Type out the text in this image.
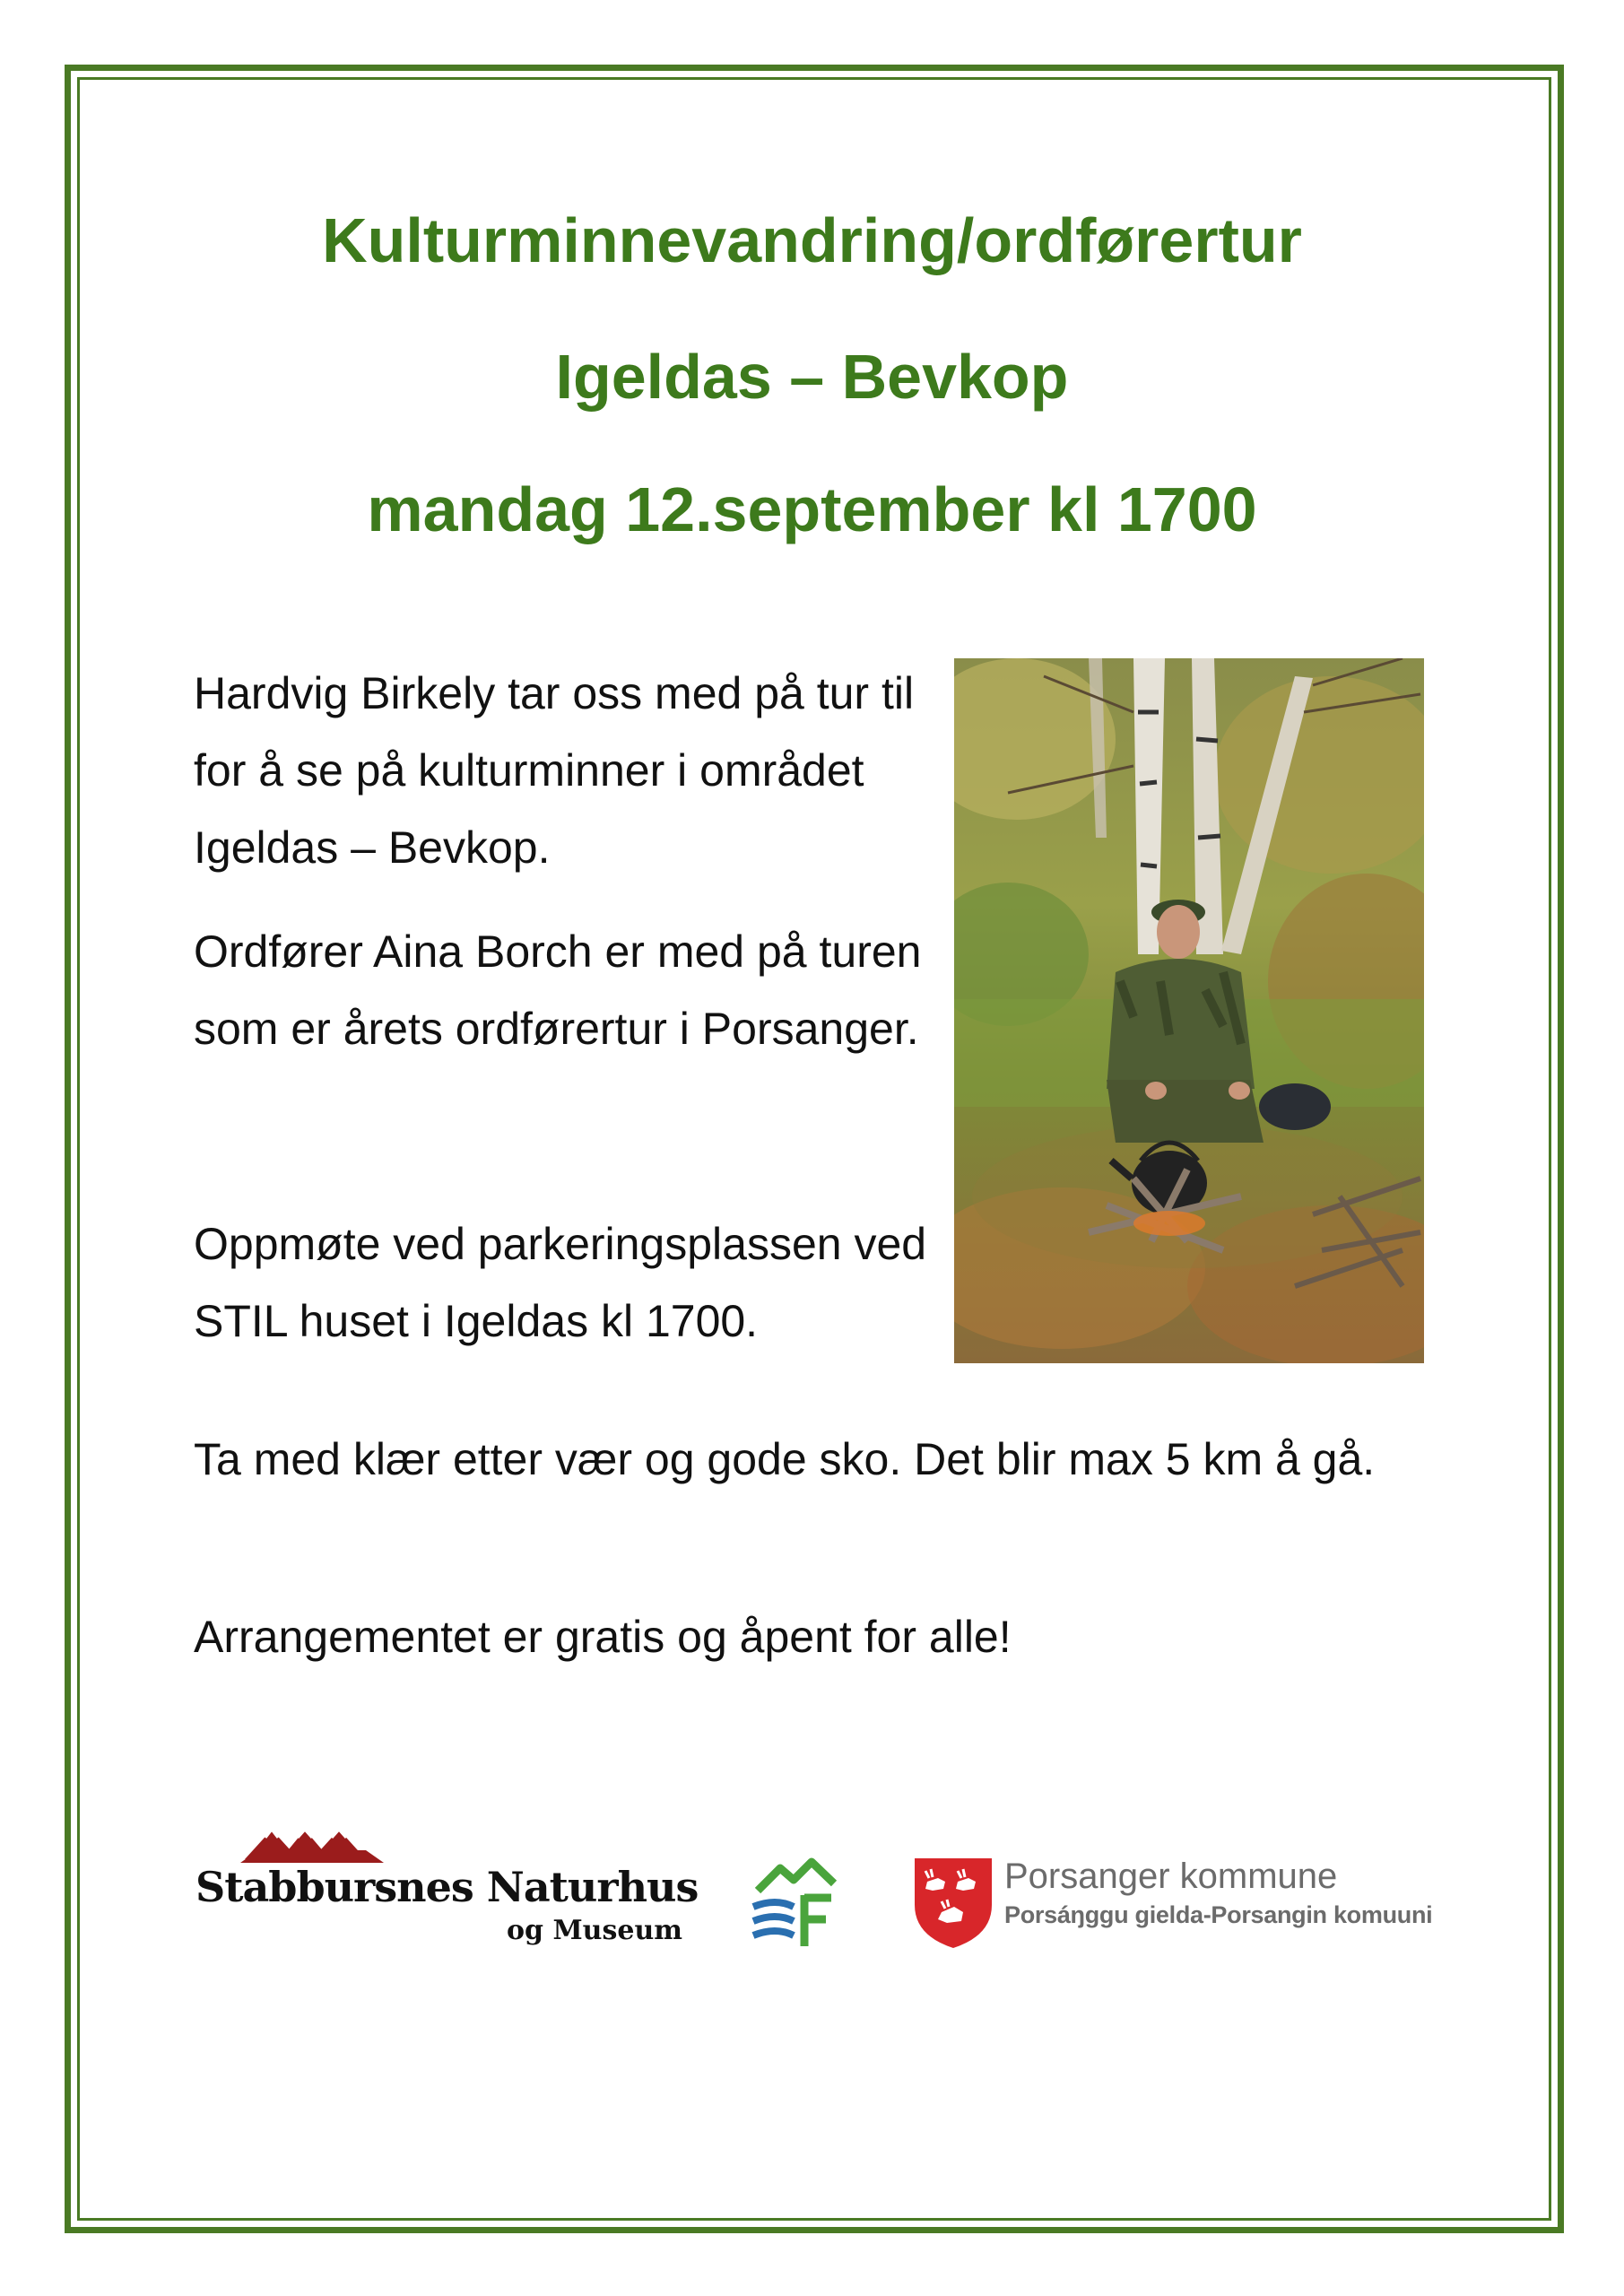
Kulturminnevandring/ordførertur
Igeldas – Bevkop
mandag 12.september kl 1700

Hardvig Birkely tar oss med på tur til for å se på kulturminner i området Igeldas – Bevkop.

Ordfører Aina Borch er med på turen som er årets ordførertur i Porsanger.

Oppmøte ved parkeringsplassen ved STIL huset i Igeldas kl 1700.

Ta med klær etter vær og gode sko. Det blir max 5 km å gå.

Arrangementet er gratis og åpent for alle!

Stabbursnes Naturhus
og Museum
Porsanger kommune
Porsáŋggu gielda-Porsangin komuuni
